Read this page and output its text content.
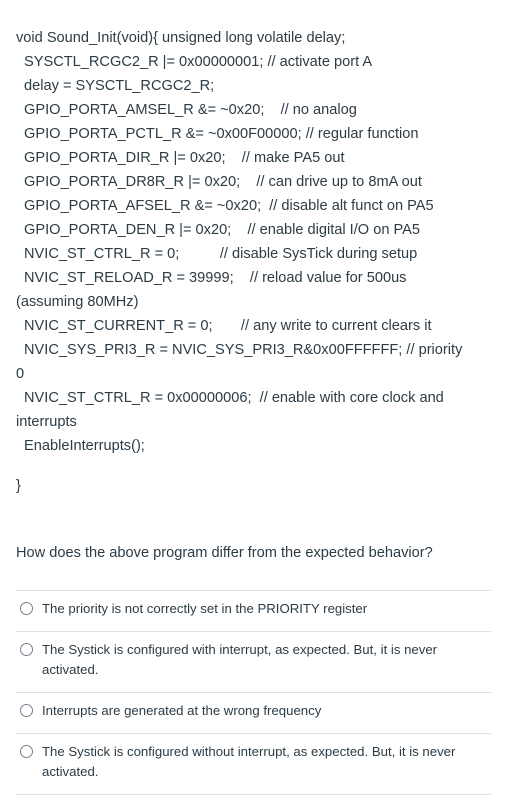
void Sound_Init(void){ unsigned long volatile delay;
SYSCTL_RCGC2_R |= 0x00000001; // activate port A
delay = SYSCTL_RCGC2_R;
GPIO_PORTA_AMSEL_R &= ~0x20;    // no analog
GPIO_PORTA_PCTL_R &= ~0x00F00000; // regular function
GPIO_PORTA_DIR_R |= 0x20;    // make PA5 out
GPIO_PORTA_DR8R_R |= 0x20;    // can drive up to 8mA out
GPIO_PORTA_AFSEL_R &= ~0x20;  // disable alt funct on PA5
GPIO_PORTA_DEN_R |= 0x20;    // enable digital I/O on PA5
NVIC_ST_CTRL_R = 0;          // disable SysTick during setup
NVIC_ST_RELOAD_R = 39999;    // reload value for 500us
(assuming 80MHz)
NVIC_ST_CURRENT_R = 0;       // any write to current clears it
NVIC_SYS_PRI3_R = NVIC_SYS_PRI3_R&0x00FFFFFF; // priority
0
NVIC_ST_CTRL_R = 0x00000006;  // enable with core clock and
interrupts
EnableInterrupts();
}
How does the above program differ from the expected behavior?
The priority is not correctly set in the PRIORITY register
The Systick is configured with interrupt, as expected. But, it is never activated.
Interrupts are generated at the wrong frequency
The Systick is configured without interrupt, as expected. But, it is never activated.
